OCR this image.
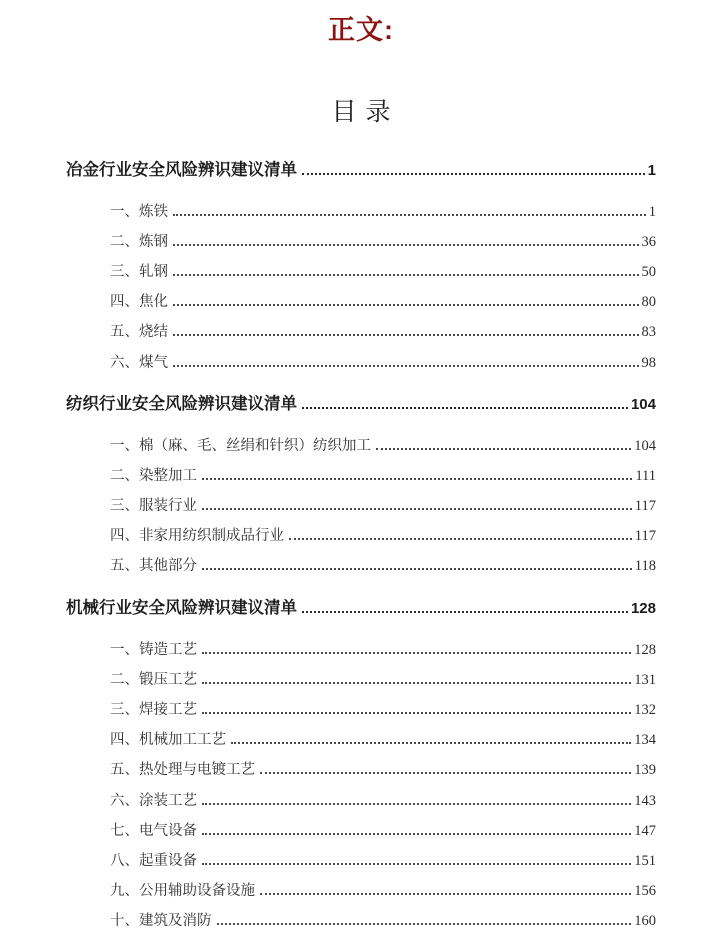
正文:
目录
冶金行业安全风险辨识建议清单	1
一、炼铁	1
二、炼钢	36
三、轧钢	50
四、焦化	80
五、烧结	83
六、煤气	98
纺织行业安全风险辨识建议清单	104
一、棉（麻、毛、丝绢和针织）纺织加工	104
二、染整加工	111
三、服装行业	117
四、非家用纺织制成品行业	117
五、其他部分	118
机械行业安全风险辨识建议清单	128
一、铸造工艺	128
二、锻压工艺	131
三、焊接工艺	132
四、机械加工工艺	134
五、热处理与电镀工艺	139
六、涂装工艺	143
七、电气设备	147
八、起重设备	151
九、公用辅助设备设施	156
十、建筑及消防	160
